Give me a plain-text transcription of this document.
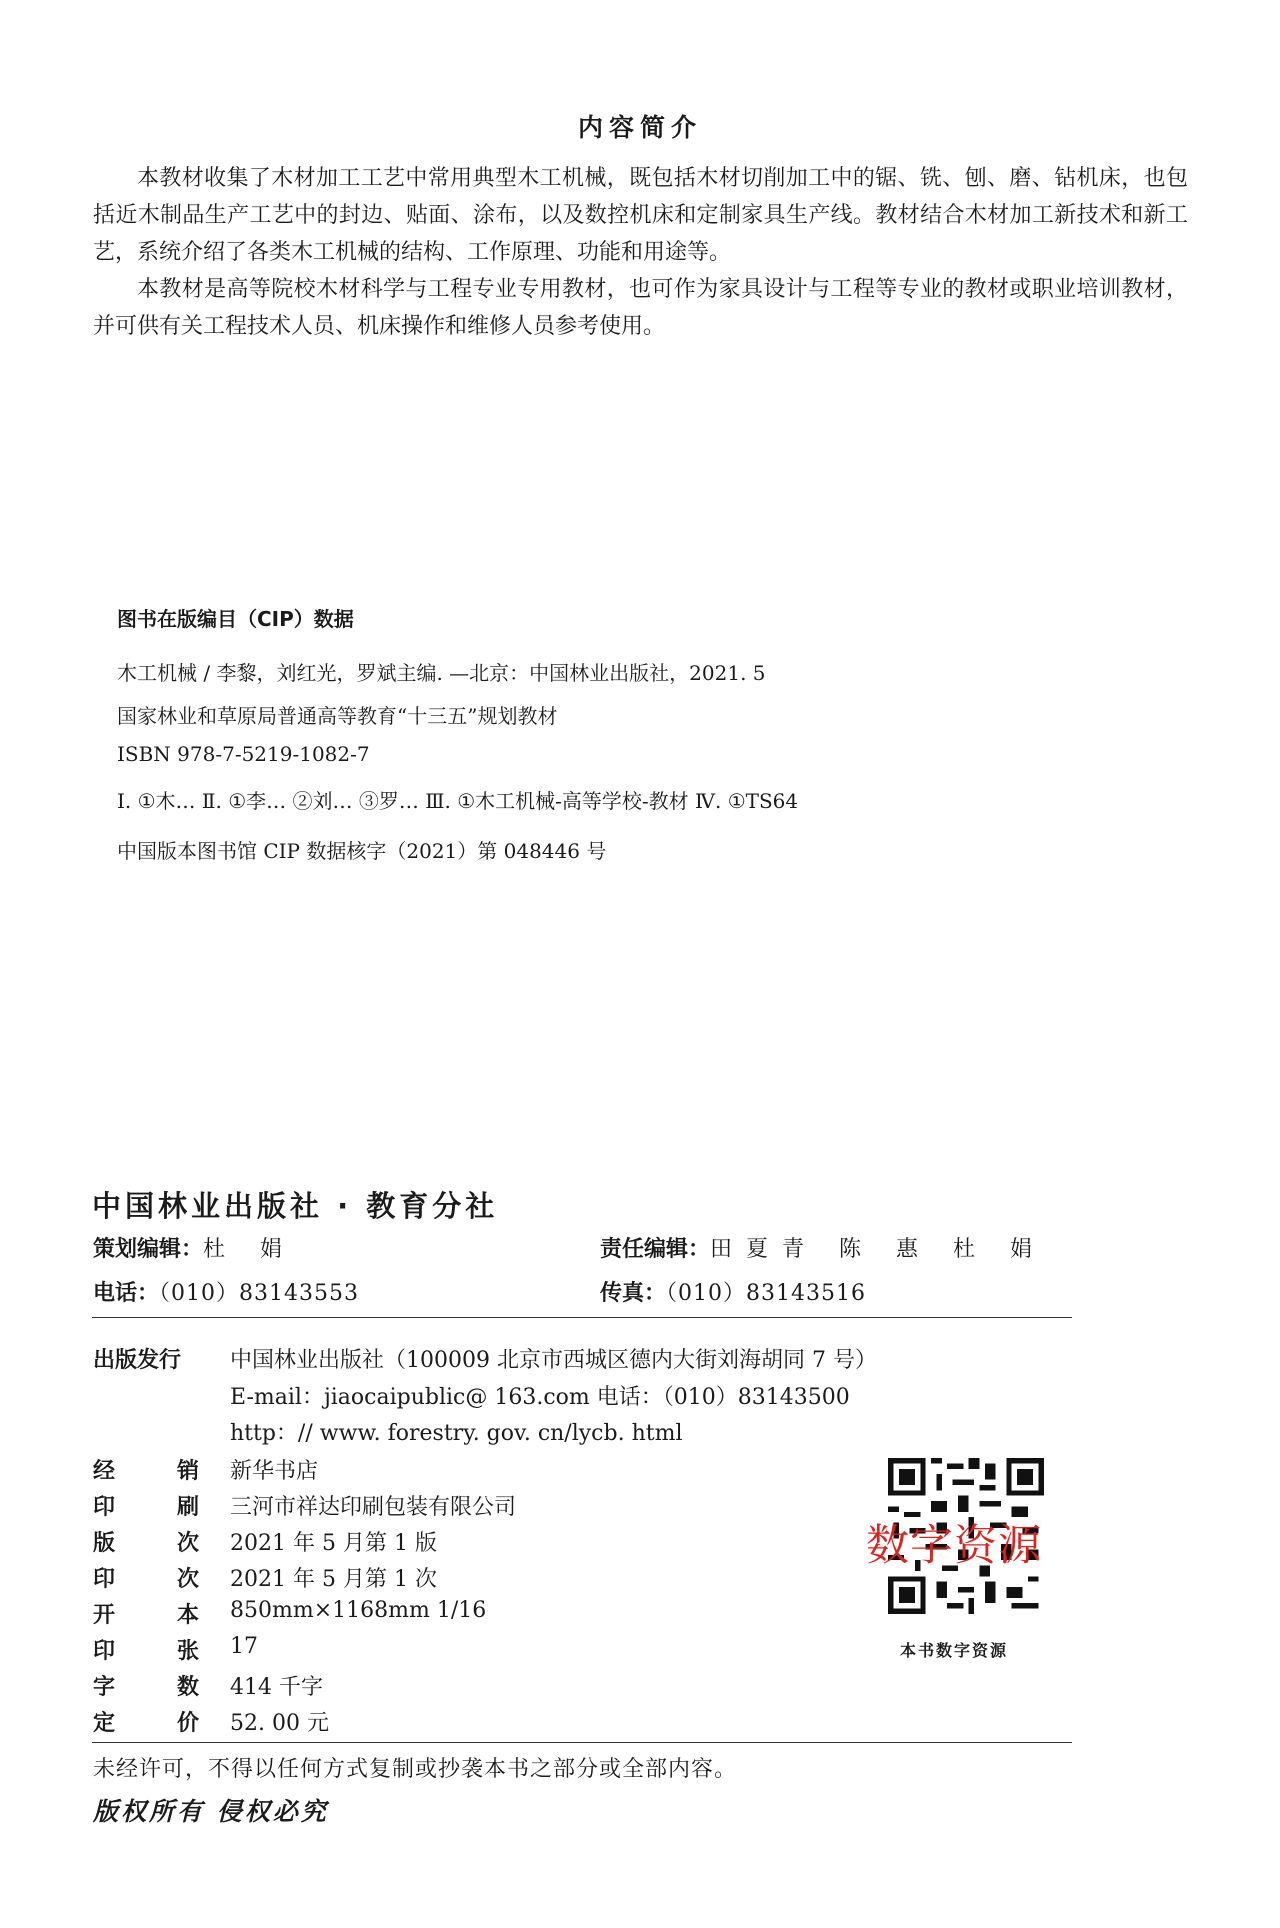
内容简介

本教材收集了木材加工工艺中常用典型木工机械，既包括木材切削加工中的锯、铣、刨、磨、钻机床，也包括近木制品生产工艺中的封边、贴面、涂布，以及数控机床和定制家具生产线。教材结合木材加工新技术和新工艺，系统介绍了各类木工机械的结构、工作原理、功能和用途等。

本教材是高等院校木材科学与工程专业专用教材，也可作为家具设计与工程等专业的教材或职业培训教材，并可供有关工程技术人员、机床操作和维修人员参考使用。

图书在版编目（CIP）数据
木工机械 / 李黎，刘红光，罗斌主编. —北京：中国林业出版社，2021. 5
国家林业和草原局普通高等教育“十三五”规划教材
ISBN 978-7-5219-1082-7
Ⅰ. ①木… Ⅱ. ①李… ②刘… ③罗… Ⅲ. ①木工机械-高等学校-教材 Ⅳ. ①TS64
中国版本图书馆 CIP 数据核字（2021）第 048446 号
中国林业出版社 · 教育分社
策划编辑：杜 娟	责任编辑：田夏青 陈 惠 杜 娟
电话：（010）83143553	传真：（010）83143516
出版发行 中国林业出版社（100009 北京市西城区德内大街刘海胡同 7 号）
E-mail：jiaocaipublic@ 163.com 电话：（010）83143500
http：// www. forestry. gov. cn/lycb. html
经	销 新华书店
印	刷 三河市祥达印刷包装有限公司
版	次 2021 年 5 月第 1 版
印	次 2021 年 5 月第 1 次
开	本 850mm×1168mm 1/16
印	张 17
字	数 414 千字
定	价 52. 00 元
数字资源
本书数字资源
未经许可，不得以任何方式复制或抄袭本书之部分或全部内容。
版权所有 侵权必究
